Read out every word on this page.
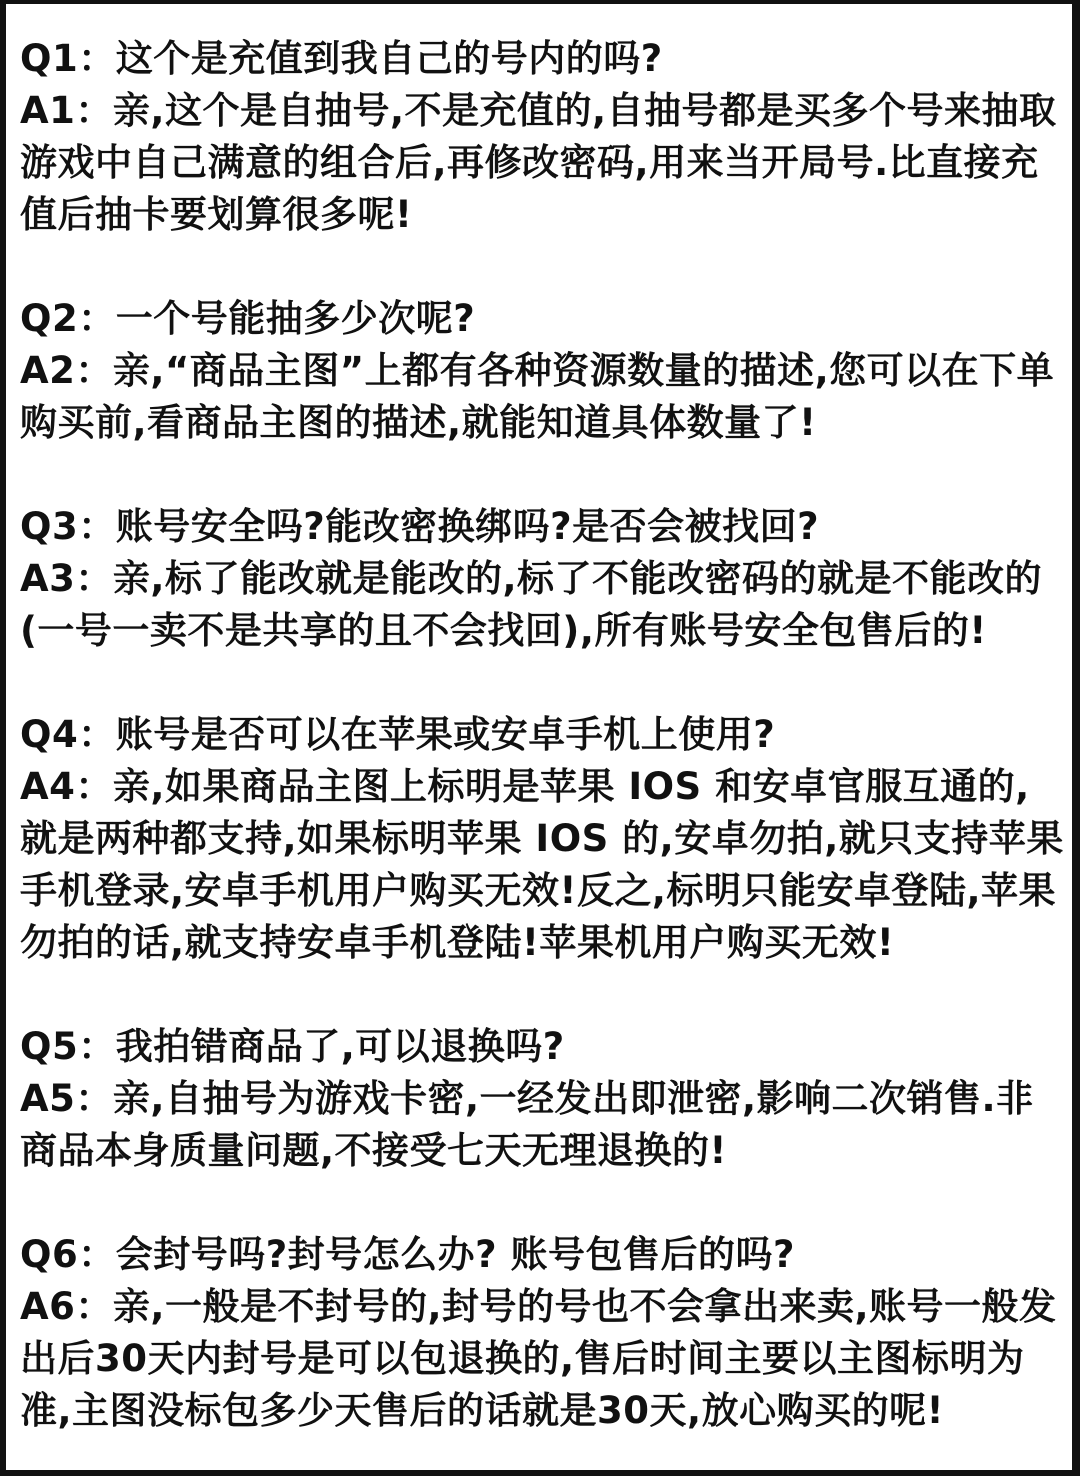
Q1：这个是充值到我自己的号内的吗?

A1：亲,这个是自抽号,不是充值的,自抽号都是买多个号来抽取游戏中自己满意的组合后,再修改密码,用来当开局号.比直接充值后抽卡要划算很多呢!

Q2：一个号能抽多少次呢?

A2：亲,“商品主图”上都有各种资源数量的描述,您可以在下单购买前,看商品主图的描述,就能知道具体数量了!

Q3：账号安全吗?能改密换绑吗?是否会被找回?

A3：亲,标了能改就是能改的,标了不能改密码的就是不能改的(一号一卖不是共享的且不会找回),所有账号安全包售后的!

Q4：账号是否可以在苹果或安卓手机上使用?

A4：亲,如果商品主图上标明是苹果 IOS 和安卓官服互通的,就是两种都支持,如果标明苹果 IOS 的,安卓勿拍,就只支持苹果手机登录,安卓手机用户购买无效!反之,标明只能安卓登陆,苹果勿拍的话,就支持安卓手机登陆!苹果机用户购买无效!

Q5：我拍错商品了,可以退换吗?

A5：亲,自抽号为游戏卡密,一经发出即泄密,影响二次销售.非商品本身质量问题,不接受七天无理退换的!

Q6：会封号吗?封号怎么办? 账号包售后的吗?

A6：亲,一般是不封号的,封号的号也不会拿出来卖,账号一般发出后30天内封号是可以包退换的,售后时间主要以主图标明为准,主图没标包多少天售后的话就是30天,放心购买的呢!
